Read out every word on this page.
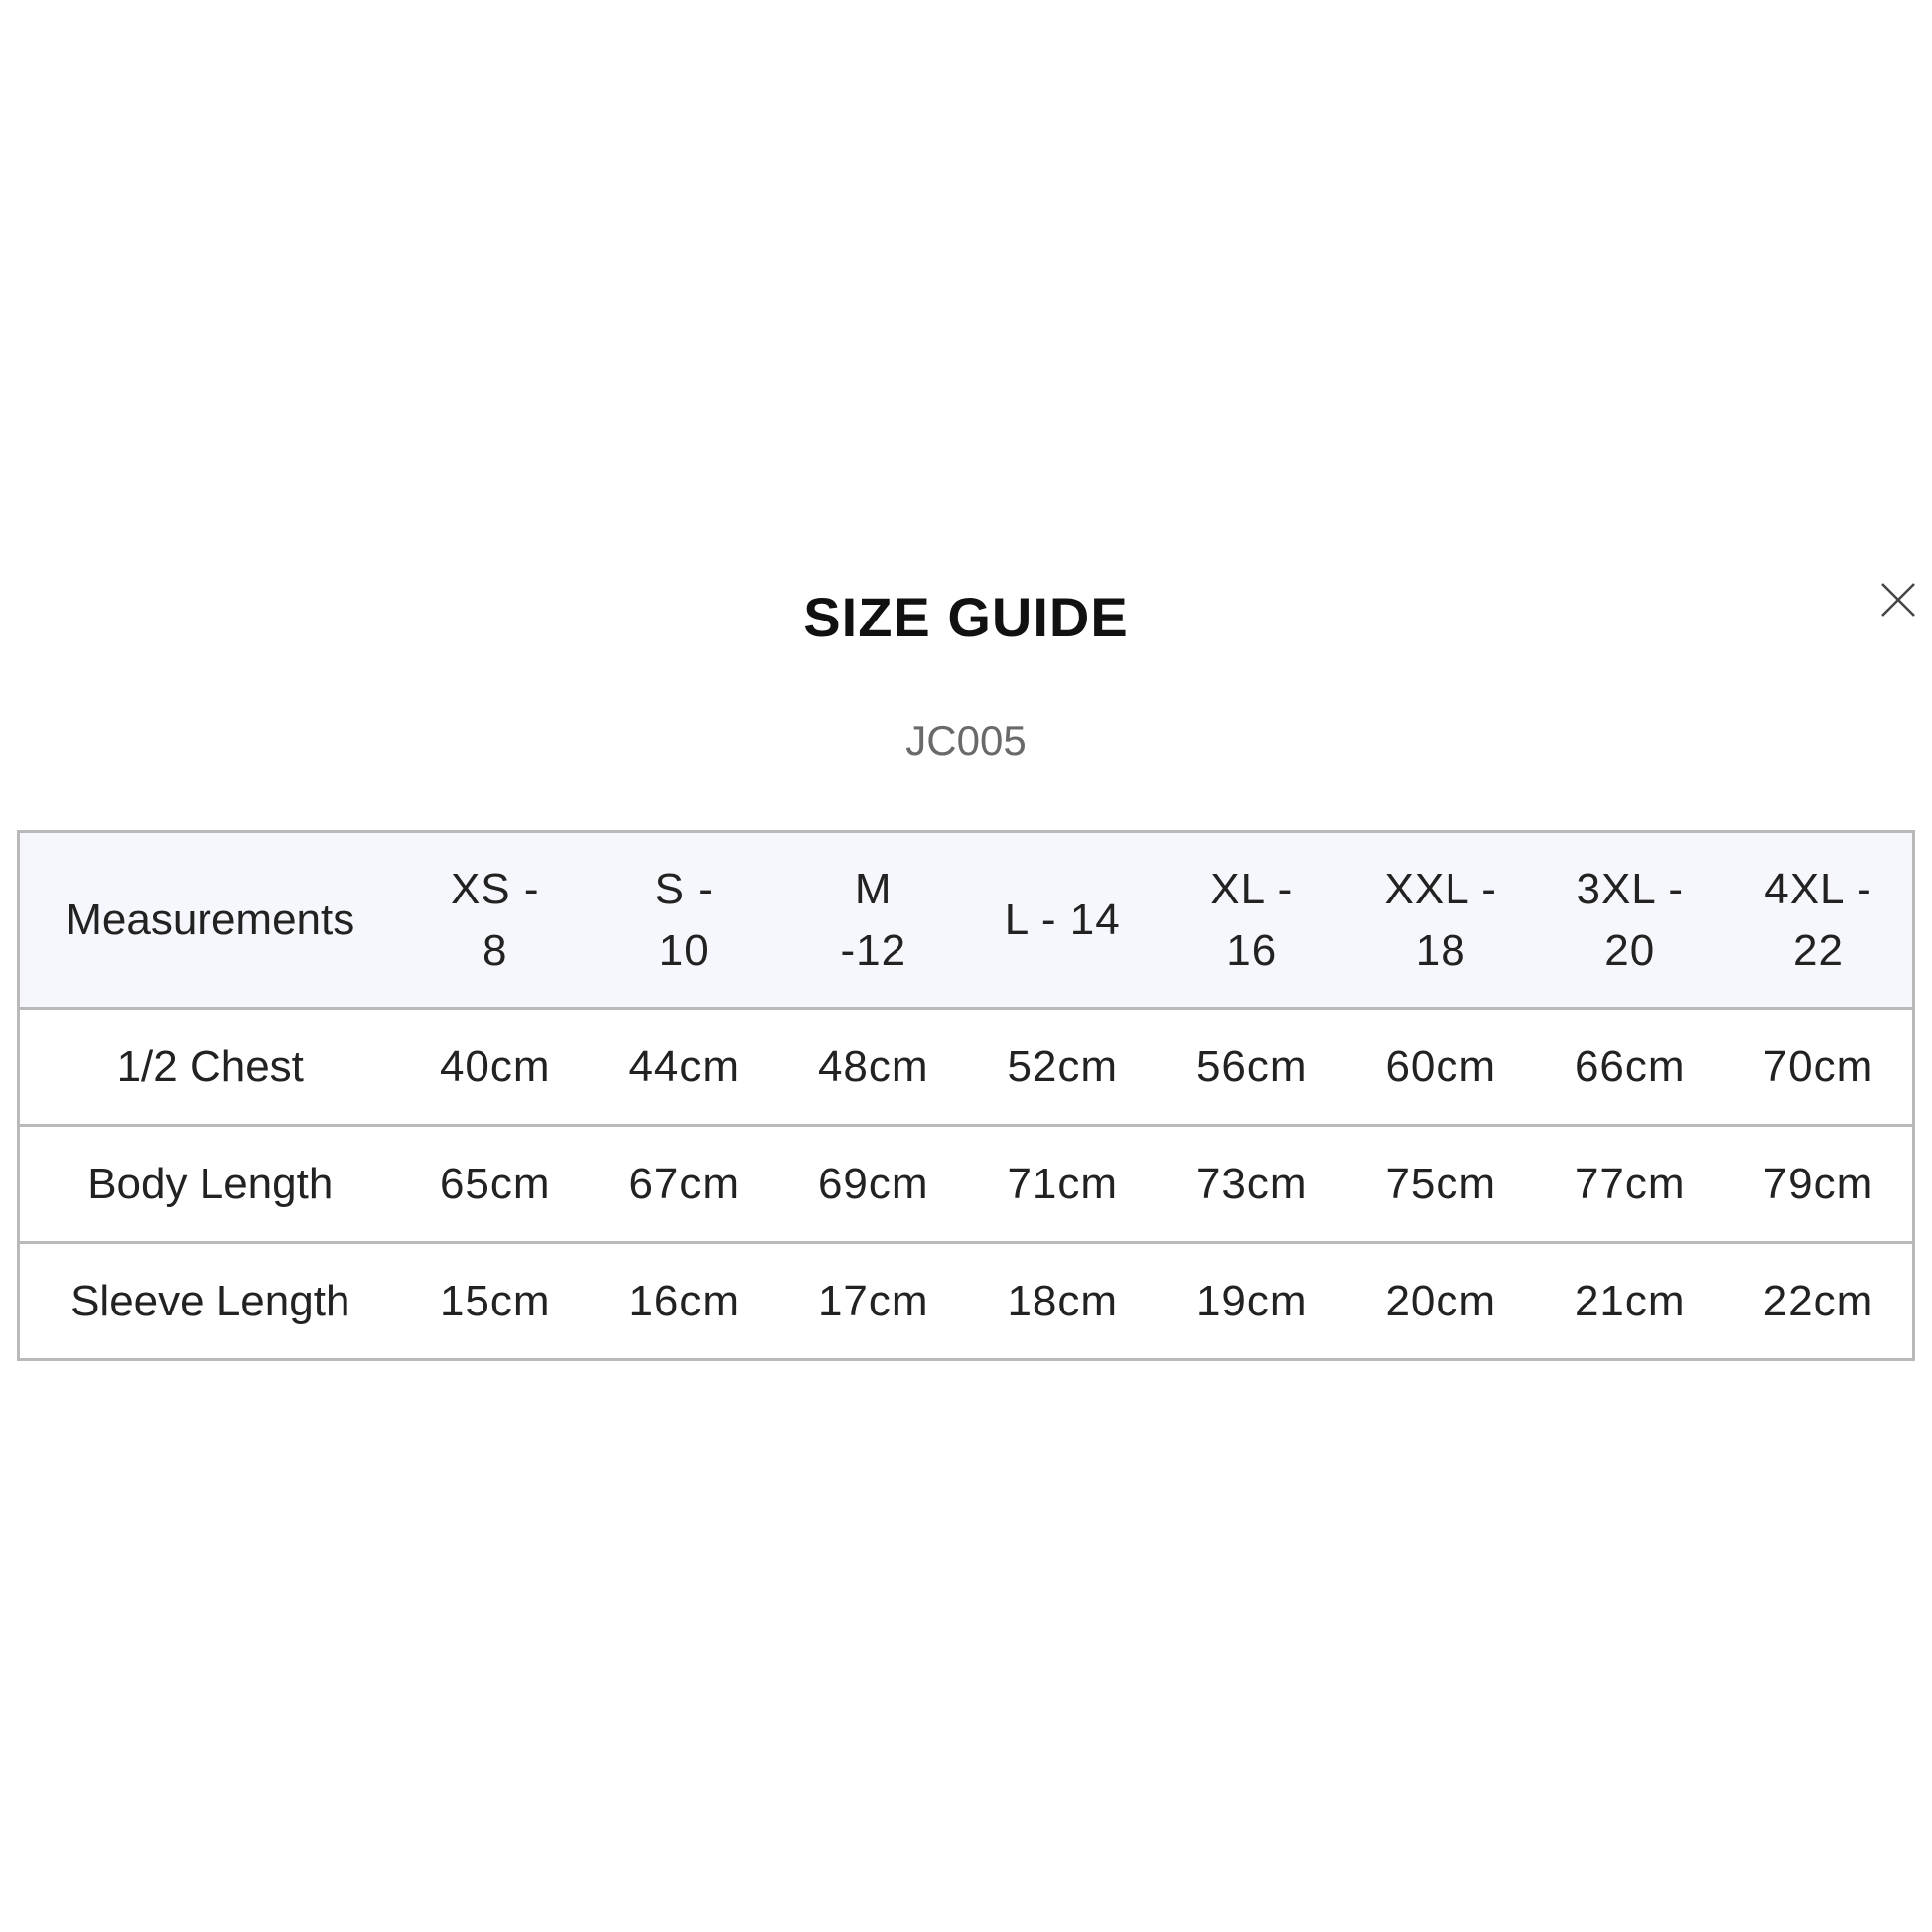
SIZE GUIDE
JC005
Measurements	XS - 8	S - 10	M -12	L - 14	XL - 16	XXL - 18	3XL - 20	4XL - 22
1/2 Chest	40cm	44cm	48cm	52cm	56cm	60cm	66cm	70cm
Body Length	65cm	67cm	69cm	71cm	73cm	75cm	77cm	79cm
Sleeve Length	15cm	16cm	17cm	18cm	19cm	20cm	21cm	22cm
